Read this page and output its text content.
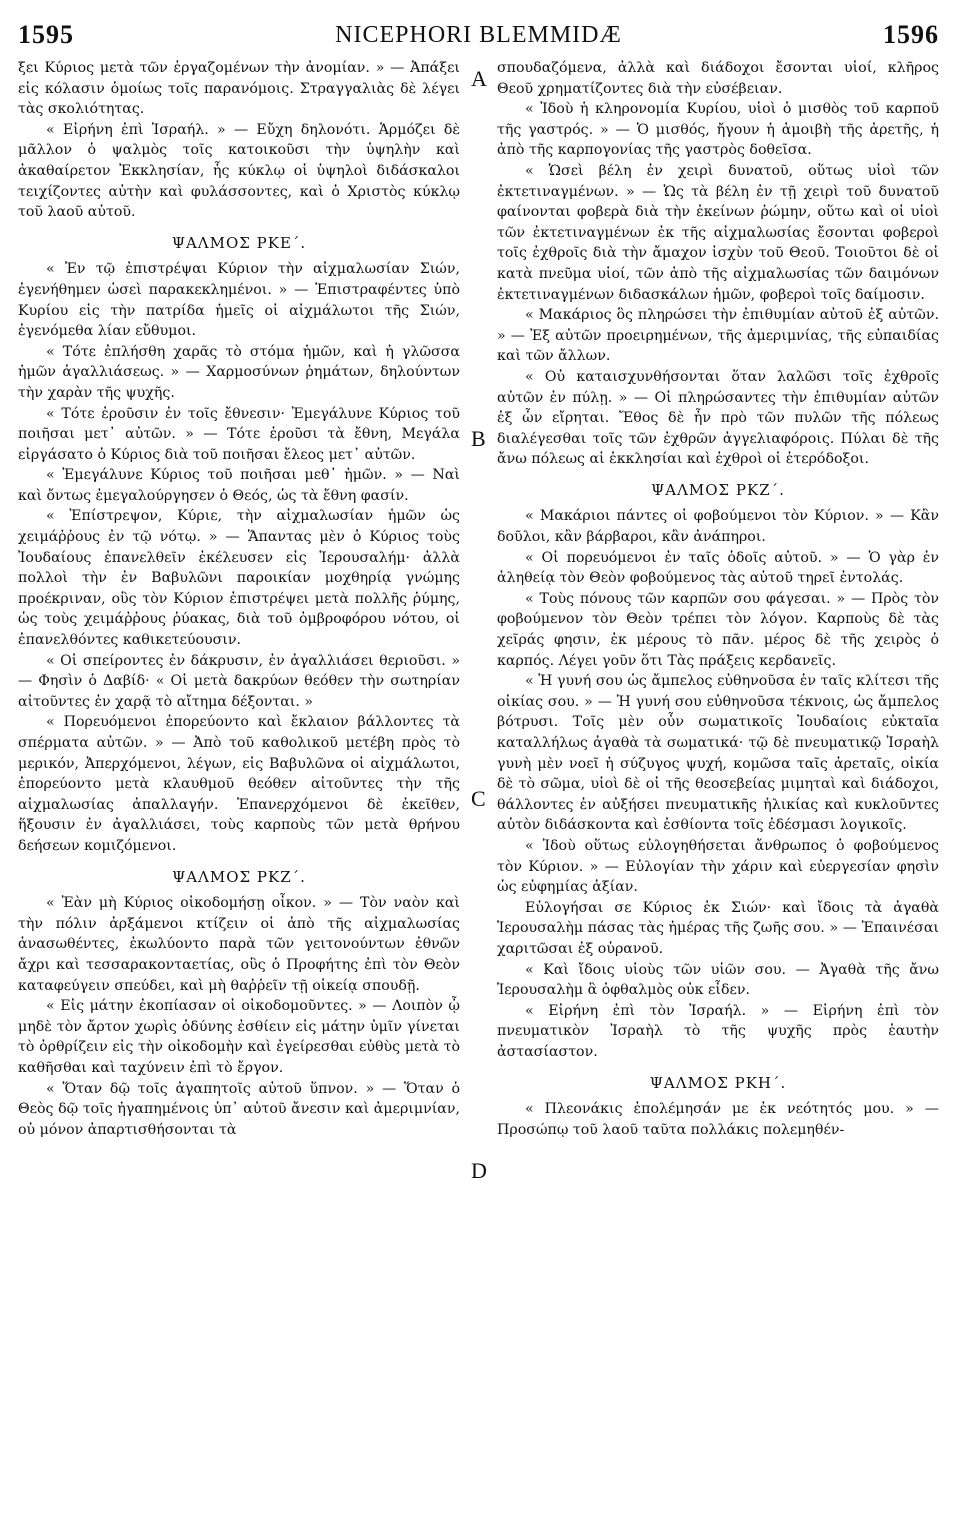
1595	NICEPHORI BLEMMIDÆ	1596

ξει Κύριος μετὰ τῶν ἐργαζομένων τὴν ἀνομίαν. » — Ἀπάξει εἰς κόλασιν ὁμοίως τοῖς παρανόμοις. Στραγγαλιὰς δὲ λέγει τὰς σκολιότητας.

« Εἰρήνη ἐπὶ Ἰσραήλ. » — Εὔχη δηλονότι. Ἁρμόζει δὲ μᾶλλον ὁ ψαλμὸς τοῖς κατοικοῦσι τὴν ὑψηλὴν καὶ ἀκαθαίρετον Ἐκκλησίαν, ἧς κύκλῳ οἱ ὑψηλοὶ διδάσκαλοι τειχίζοντες αὐτὴν καὶ φυλάσσοντες, καὶ ὁ Χριστὸς κύκλῳ τοῦ λαοῦ αὐτοῦ.

ΨΑΛΜΟΣ ΡΚΕ΄.

« Ἐν τῷ ἐπιστρέψαι Κύριον τὴν αἰχμαλωσίαν Σιών, ἐγενήθημεν ὡσεὶ παρακεκλημένοι. » — Ἐπιστραφέντες ὑπὸ Κυρίου εἰς τὴν πατρίδα ἡμεῖς οἱ αἰχμάλωτοι τῆς Σιών, ἐγενόμεθα λίαν εὔθυμοι.

« Τότε ἐπλήσθη χαρᾶς τὸ στόμα ἡμῶν, καὶ ἡ γλῶσσα ἡμῶν ἀγαλλιάσεως. » — Χαρμοσύνων ῥημάτων, δηλούντων τὴν χαρὰν τῆς ψυχῆς.

« Τότε ἐροῦσιν ἐν τοῖς ἔθνεσιν· Ἐμεγάλυνε Κύριος τοῦ ποιῆσαι μετ᾽ αὐτῶν. » — Τότε ἐροῦσι τὰ ἔθνη, Μεγάλα εἰργάσατο ὁ Κύριος διὰ τοῦ ποιῆσαι ἔλεος μετ᾽ αὐτῶν.

« Ἐμεγάλυνε Κύριος τοῦ ποιῆσαι μεθ᾽ ἡμῶν. » — Ναὶ καὶ ὄντως ἐμεγαλούργησεν ὁ Θεός, ὡς τὰ ἔθνη φασίν.

« Ἐπίστρεψον, Κύριε, τὴν αἰχμαλωσίαν ἡμῶν ὡς χειμάῤῥους ἐν τῷ νότῳ. » — Ἅπαντας μὲν ὁ Κύριος τοὺς Ἰουδαίους ἐπανελθεῖν ἐκέλευσεν εἰς Ἱερουσαλήμ· ἀλλὰ πολλοὶ τὴν ἐν Βαβυλῶνι παροικίαν μοχθηρίᾳ γνώμης προέκριναν, οὓς τὸν Κύριον ἐπιστρέψει μετὰ πολλῆς ῥύμης, ὡς τοὺς χειμάῤῥους ῥύακας, διὰ τοῦ ὀμβροφόρου νότου, οἱ ἐπανελθόντες καθικετεύουσιν.

« Οἱ σπείροντες ἐν δάκρυσιν, ἐν ἀγαλλιάσει θεριοῦσι. » — Φησὶν ὁ Δαβίδ· « Οἱ μετὰ δακρύων θεόθεν τὴν σωτηρίαν αἰτοῦντες ἐν χαρᾷ τὸ αἴτημα δέξονται. »

« Πορευόμενοι ἐπορεύοντο καὶ ἔκλαιον βάλλοντες τὰ σπέρματα αὐτῶν. » — Ἀπὸ τοῦ καθολικοῦ μετέβη πρὸς τὸ μερικόν, Ἀπερχόμενοι, λέγων, εἰς Βαβυλῶνα οἱ αἰχμάλωτοι, ἐπορεύοντο μετὰ κλαυθμοῦ θεόθεν αἰτοῦντες τὴν τῆς αἰχμαλωσίας ἀπαλλαγήν. Ἐπανερχόμενοι δὲ ἐκεῖθεν, ἥξουσιν ἐν ἀγαλλιάσει, τοὺς καρποὺς τῶν μετὰ θρήνου δεήσεων κομιζόμενοι.

ΨΑΛΜΟΣ ΡΚΖ΄.

« Ἐὰν μὴ Κύριος οἰκοδομήσῃ οἶκον. » — Τὸν ναὸν καὶ τὴν πόλιν ἀρξάμενοι κτίζειν οἱ ἀπὸ τῆς αἰχμαλωσίας ἀνασωθέντες, ἐκωλύοντο παρὰ τῶν γειτονούντων ἐθνῶν ἄχρι καὶ τεσσαρακονταετίας, οὓς ὁ Προφήτης ἐπὶ τὸν Θεὸν καταφεύγειν σπεύδει, καὶ μὴ θαῤῥεῖν τῇ οἰκείᾳ σπουδῇ.

« Εἰς μάτην ἐκοπίασαν οἱ οἰκοδομοῦντες. » — Λοιπὸν ᾧ μηδὲ τὸν ἄρτον χωρὶς ὀδύνης ἐσθίειν εἰς μάτην ὑμῖν γίνεται τὸ ὀρθρίζειν εἰς τὴν οἰκοδομὴν καὶ ἐγείρεσθαι εὐθὺς μετὰ τὸ καθῆσθαι καὶ ταχύνειν ἐπὶ τὸ ἔργον.

« Ὅταν δῷ τοῖς ἀγαπητοῖς αὐτοῦ ὕπνον. » — Ὅταν ὁ Θεὸς δῷ τοῖς ἠγαπημένοις ὑπ᾽ αὐτοῦ ἄνεσιν καὶ ἀμεριμνίαν, οὐ μόνον ἀπαρτισθήσονται τὰ

σπουδαζόμενα, ἀλλὰ καὶ διάδοχοι ἔσονται υἱοί, κλῆρος Θεοῦ χρηματίζοντες διὰ τὴν εὐσέβειαν.

« Ἰδοὺ ἡ κληρονομία Κυρίου, υἱοὶ ὁ μισθὸς τοῦ καρποῦ τῆς γαστρός. » — Ὁ μισθός, ἤγουν ἡ ἀμοιβὴ τῆς ἀρετῆς, ἡ ἀπὸ τῆς καρπογονίας τῆς γαστρὸς δοθεῖσα.

« Ὡσεὶ βέλη ἐν χειρὶ δυνατοῦ, οὕτως υἱοὶ τῶν ἐκτετιναγμένων. » — Ὡς τὰ βέλη ἐν τῇ χειρὶ τοῦ δυνατοῦ φαίνονται φοβερὰ διὰ τὴν ἐκείνων ῥώμην, οὕτω καὶ οἱ υἱοὶ τῶν ἐκτετιναγμένων ἐκ τῆς αἰχμαλωσίας ἔσονται φοβεροὶ τοῖς ἐχθροῖς διὰ τὴν ἄμαχον ἰσχὺν τοῦ Θεοῦ. Τοιοῦτοι δὲ οἱ κατὰ πνεῦμα υἱοί, τῶν ἀπὸ τῆς αἰχμαλωσίας τῶν δαιμόνων ἐκτετιναγμένων διδασκάλων ἡμῶν, φοβεροὶ τοῖς δαίμοσιν.

« Μακάριος ὃς πληρώσει τὴν ἐπιθυμίαν αὐτοῦ ἐξ αὐτῶν. » — Ἐξ αὐτῶν προειρημένων, τῆς ἀμεριμνίας, τῆς εὐπαιδίας καὶ τῶν ἄλλων.

« Οὐ καταισχυνθήσονται ὅταν λαλῶσι τοῖς ἐχθροῖς αὐτῶν ἐν πύλῃ. » — Οἱ πληρώσαντες τὴν ἐπιθυμίαν αὐτῶν ἐξ ὧν εἴρηται. Ἔθος δὲ ἦν πρὸ τῶν πυλῶν τῆς πόλεως διαλέγεσθαι τοῖς τῶν ἐχθρῶν ἀγγελιαφόροις. Πύλαι δὲ τῆς ἄνω πόλεως αἱ ἐκκλησίαι καὶ ἐχθροὶ οἱ ἑτερόδοξοι.

ΨΑΛΜΟΣ ΡΚΖ΄.

« Μακάριοι πάντες οἱ φοβούμενοι τὸν Κύριον. » — Κἂν δοῦλοι, κἂν βάρβαροι, κἂν ἀνάπηροι.

« Οἱ πορευόμενοι ἐν ταῖς ὁδοῖς αὐτοῦ. » — Ὁ γὰρ ἐν ἀληθείᾳ τὸν Θεὸν φοβούμενος τὰς αὐτοῦ τηρεῖ ἐντολάς.

« Τοὺς πόνους τῶν καρπῶν σου φάγεσαι. » — Πρὸς τὸν φοβούμενον τὸν Θεὸν τρέπει τὸν λόγον. Καρποὺς δὲ τὰς χεῖράς φησιν, ἐκ μέρους τὸ πᾶν. μέρος δὲ τῆς χειρὸς ὁ καρπός. Λέγει γοῦν ὅτι Τὰς πράξεις κερδανεῖς.

« Ἡ γυνή σου ὡς ἄμπελος εὐθηνοῦσα ἐν ταῖς κλίτεσι τῆς οἰκίας σου. » — Ἡ γυνή σου εὐθηνοῦσα τέκνοις, ὡς ἄμπελος βότρυσι. Τοῖς μὲν οὖν σωματικοῖς Ἰουδαίοις εὐκταῖα καταλλήλως ἀγαθὰ τὰ σωματικά· τῷ δὲ πνευματικῷ Ἰσραὴλ γυνὴ μὲν νοεῖ ἡ σύζυγος ψυχή, κομῶσα ταῖς ἀρεταῖς, οἰκία δὲ τὸ σῶμα, υἱοὶ δὲ οἱ τῆς θεοσεβείας μιμηταὶ καὶ διάδοχοι, θάλλοντες ἐν αὐξήσει πνευματικῆς ἡλικίας καὶ κυκλοῦντες αὐτὸν διδάσκοντα καὶ ἐσθίοντα τοῖς ἐδέσμασι λογικοῖς.

« Ἰδοὺ οὕτως εὐλογηθήσεται ἄνθρωπος ὁ φοβούμενος τὸν Κύριον. » — Εὐλογίαν τὴν χάριν καὶ εὐεργεσίαν φησὶν ὡς εὐφημίας ἀξίαν.

Εὐλογήσαι σε Κύριος ἐκ Σιών· καὶ ἴδοις τὰ ἀγαθὰ Ἱερουσαλὴμ πάσας τὰς ἡμέρας τῆς ζωῆς σου. » — Ἐπαινέσαι χαριτῶσαι ἐξ οὐρανοῦ.

« Καὶ ἴδοις υἱοὺς τῶν υἱῶν σου. — Ἀγαθὰ τῆς ἄνω Ἱερουσαλὴμ ἃ ὀφθαλμὸς οὐκ εἶδεν.

« Εἰρήνη ἐπὶ τὸν Ἰσραήλ. » — Εἰρήνη ἐπὶ τὸν πνευματικὸν Ἰσραὴλ τὸ τῆς ψυχῆς πρὸς ἑαυτὴν ἀστασίαστον.

ΨΑΛΜΟΣ ΡΚΗ΄.

« Πλεονάκις ἐπολέμησάν με ἐκ νεότητός μου. » — Προσώπῳ τοῦ λαοῦ ταῦτα πολλάκις πολεμηθέν-

A
B
C
D
